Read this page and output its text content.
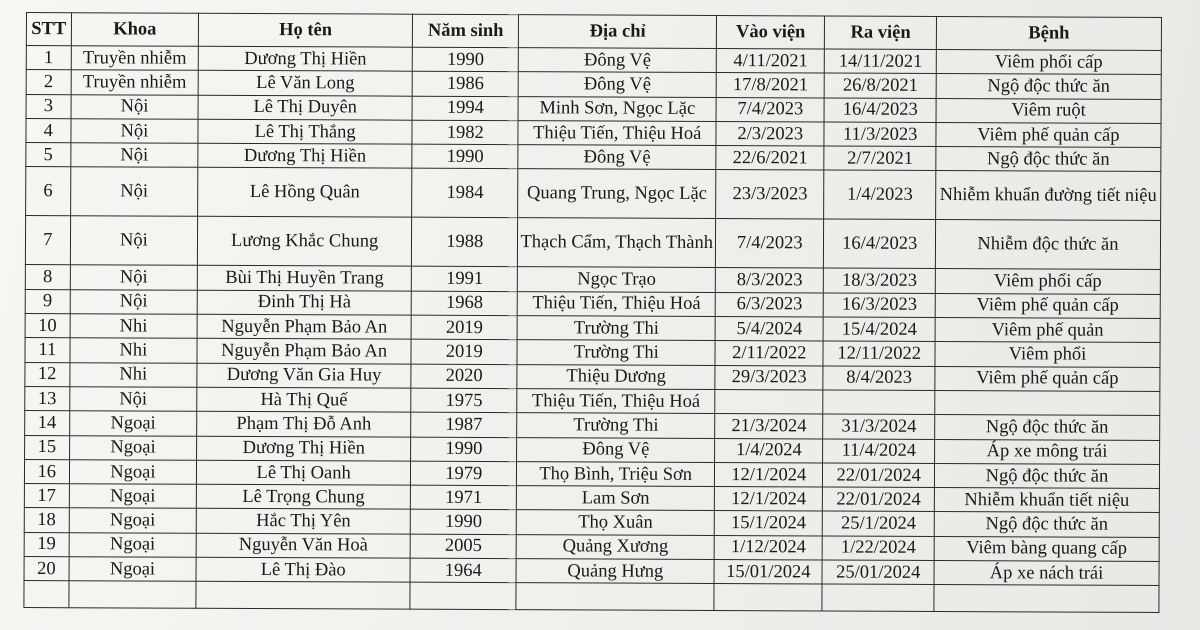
STT	Khoa	Họ tên	Năm sinh	Địa chỉ	Vào viện	Ra viện	Bệnh
1	Truyền nhiễm	Dương Thị Hiền	1990	Đông Vệ	4/11/2021	14/11/2021	Viêm phổi cấp
2	Truyền nhiễm	Lê Văn Long	1986	Đông Vệ	17/8/2021	26/8/2021	Ngộ độc thức ăn
3	Nội	Lê Thị Duyên	1994	Minh Sơn, Ngọc Lặc	7/4/2023	16/4/2023	Viêm ruột
4	Nội	Lê Thị Thắng	1982	Thiệu Tiến, Thiệu Hoá	2/3/2023	11/3/2023	Viêm phế quản cấp
5	Nội	Dương Thị Hiền	1990	Đông Vệ	22/6/2021	2/7/2021	Ngộ độc thức ăn
6	Nội	Lê Hồng Quân	1984	Quang Trung, Ngọc Lặc	23/3/2023	1/4/2023	Nhiễm khuẩn đường tiết niệu
7	Nội	Lương Khắc Chung	1988	Thạch Cẩm, Thạch Thành	7/4/2023	16/4/2023	Nhiễm độc thức ăn
8	Nội	Bùi Thị Huyền Trang	1991	Ngọc Trạo	8/3/2023	18/3/2023	Viêm phổi cấp
9	Nội	Đinh Thị Hà	1968	Thiệu Tiến, Thiệu Hoá	6/3/2023	16/3/2023	Viêm phế quản cấp
10	Nhi	Nguyễn Phạm Bảo An	2019	Trường Thi	5/4/2024	15/4/2024	Viêm phế quản
11	Nhi	Nguyễn Phạm Bảo An	2019	Trường Thi	2/11/2022	12/11/2022	Viêm phổi
12	Nhi	Dương Văn Gia Huy	2020	Thiệu Dương	29/3/2023	8/4/2023	Viêm phế quản cấp
13	Nội	Hà Thị Quế	1975	Thiệu Tiến, Thiệu Hoá			
14	Ngoại	Phạm Thị Đỗ Anh	1987	Trường Thi	21/3/2024	31/3/2024	Ngộ độc thức ăn
15	Ngoại	Dương Thị Hiền	1990	Đông Vệ	1/4/2024	11/4/2024	Áp xe mông trái
16	Ngoại	Lê Thị Oanh	1979	Thọ Bình, Triệu Sơn	12/1/2024	22/01/2024	Ngộ độc thức ăn
17	Ngoại	Lê Trọng Chung	1971	Lam Sơn	12/1/2024	22/01/2024	Nhiễm khuẩn tiết niệu
18	Ngoại	Hắc Thị Yên	1990	Thọ Xuân	15/1/2024	25/1/2024	Ngộ độc thức ăn
19	Ngoại	Nguyễn Văn Hoà	2005	Quảng Xương	1/12/2024	1/22/2024	Viêm bàng quang cấp
20	Ngoại	Lê Thị Đào	1964	Quảng Hưng	15/01/2024	25/01/2024	Áp xe nách trái
